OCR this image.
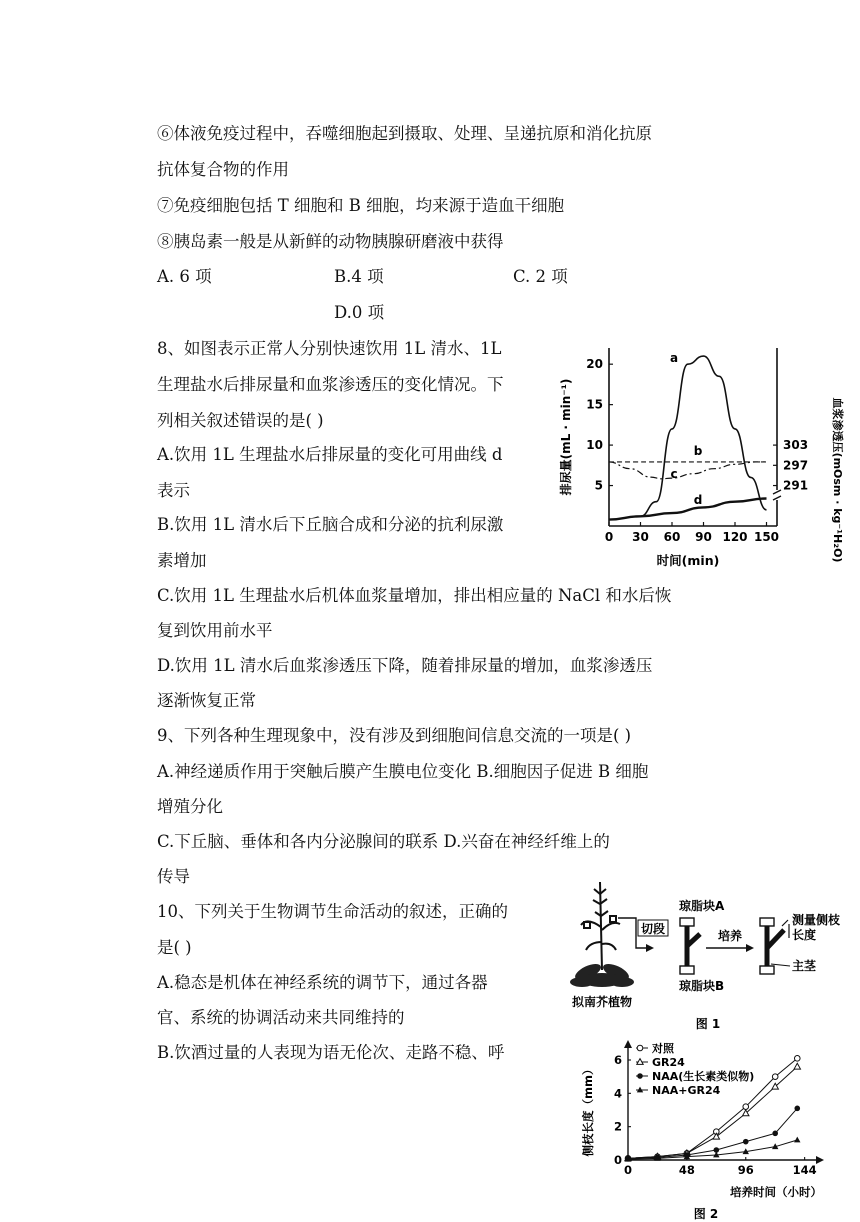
⑥体液免疫过程中，吞噬细胞起到摄取、处理、呈递抗原和消化抗原
抗体复合物的作用
⑦免疫细胞包括 T 细胞和 B 细胞，均来源于造血干细胞
⑧胰岛素一般是从新鲜的动物胰腺研磨液中获得
A. 6 项	B.4 项	C. 2 项
D.0 项
8、如图表示正常人分别快速饮用 1L 清水、1L
生理盐水后排尿量和血浆渗透压的变化情况。下
列相关叙述错误的是( )
A.饮用 1L 生理盐水后排尿量的变化可用曲线 d
表示
B.饮用 1L 清水后下丘脑合成和分泌的抗利尿激
素增加
C.饮用 1L 生理盐水后机体血浆量增加，排出相应量的 NaCl 和水后恢
复到饮用前水平
D.饮用 1L 清水后血浆渗透压下降，随着排尿量的增加，血浆渗透压
逐渐恢复正常
9、下列各种生理现象中，没有涉及到细胞间信息交流的一项是( )
A.神经递质作用于突触后膜产生膜电位变化 B.细胞因子促进 B 细胞
增殖分化
C.下丘脑、垂体和各内分泌腺间的联系 D.兴奋在神经纤维上的
传导
10、下列关于生物调节生命活动的叙述，正确的
是( )
A.稳态是机体在神经系统的调节下，通过各器
官、系统的协调活动来共同维持的
B.饮酒过量的人表现为语无伦次、走路不稳、呼
0 30 60 90 120 150
5
10
15
20
291
297
303
a
b
c
d
排尿量(mL · min⁻¹)	血浆渗透压(mOsm · kg⁻¹H₂O)
时间(min)
拟南芥植物
切段
琼脂块A
琼脂块B
培养
测量侧枝
长度
主茎
图 1
0	48	96	144
0
2
4
6
对照
GR24
NAA(生长素类似物)
NAA+GR24
侧枝长度（mm）
培养时间（小时）
图 2
